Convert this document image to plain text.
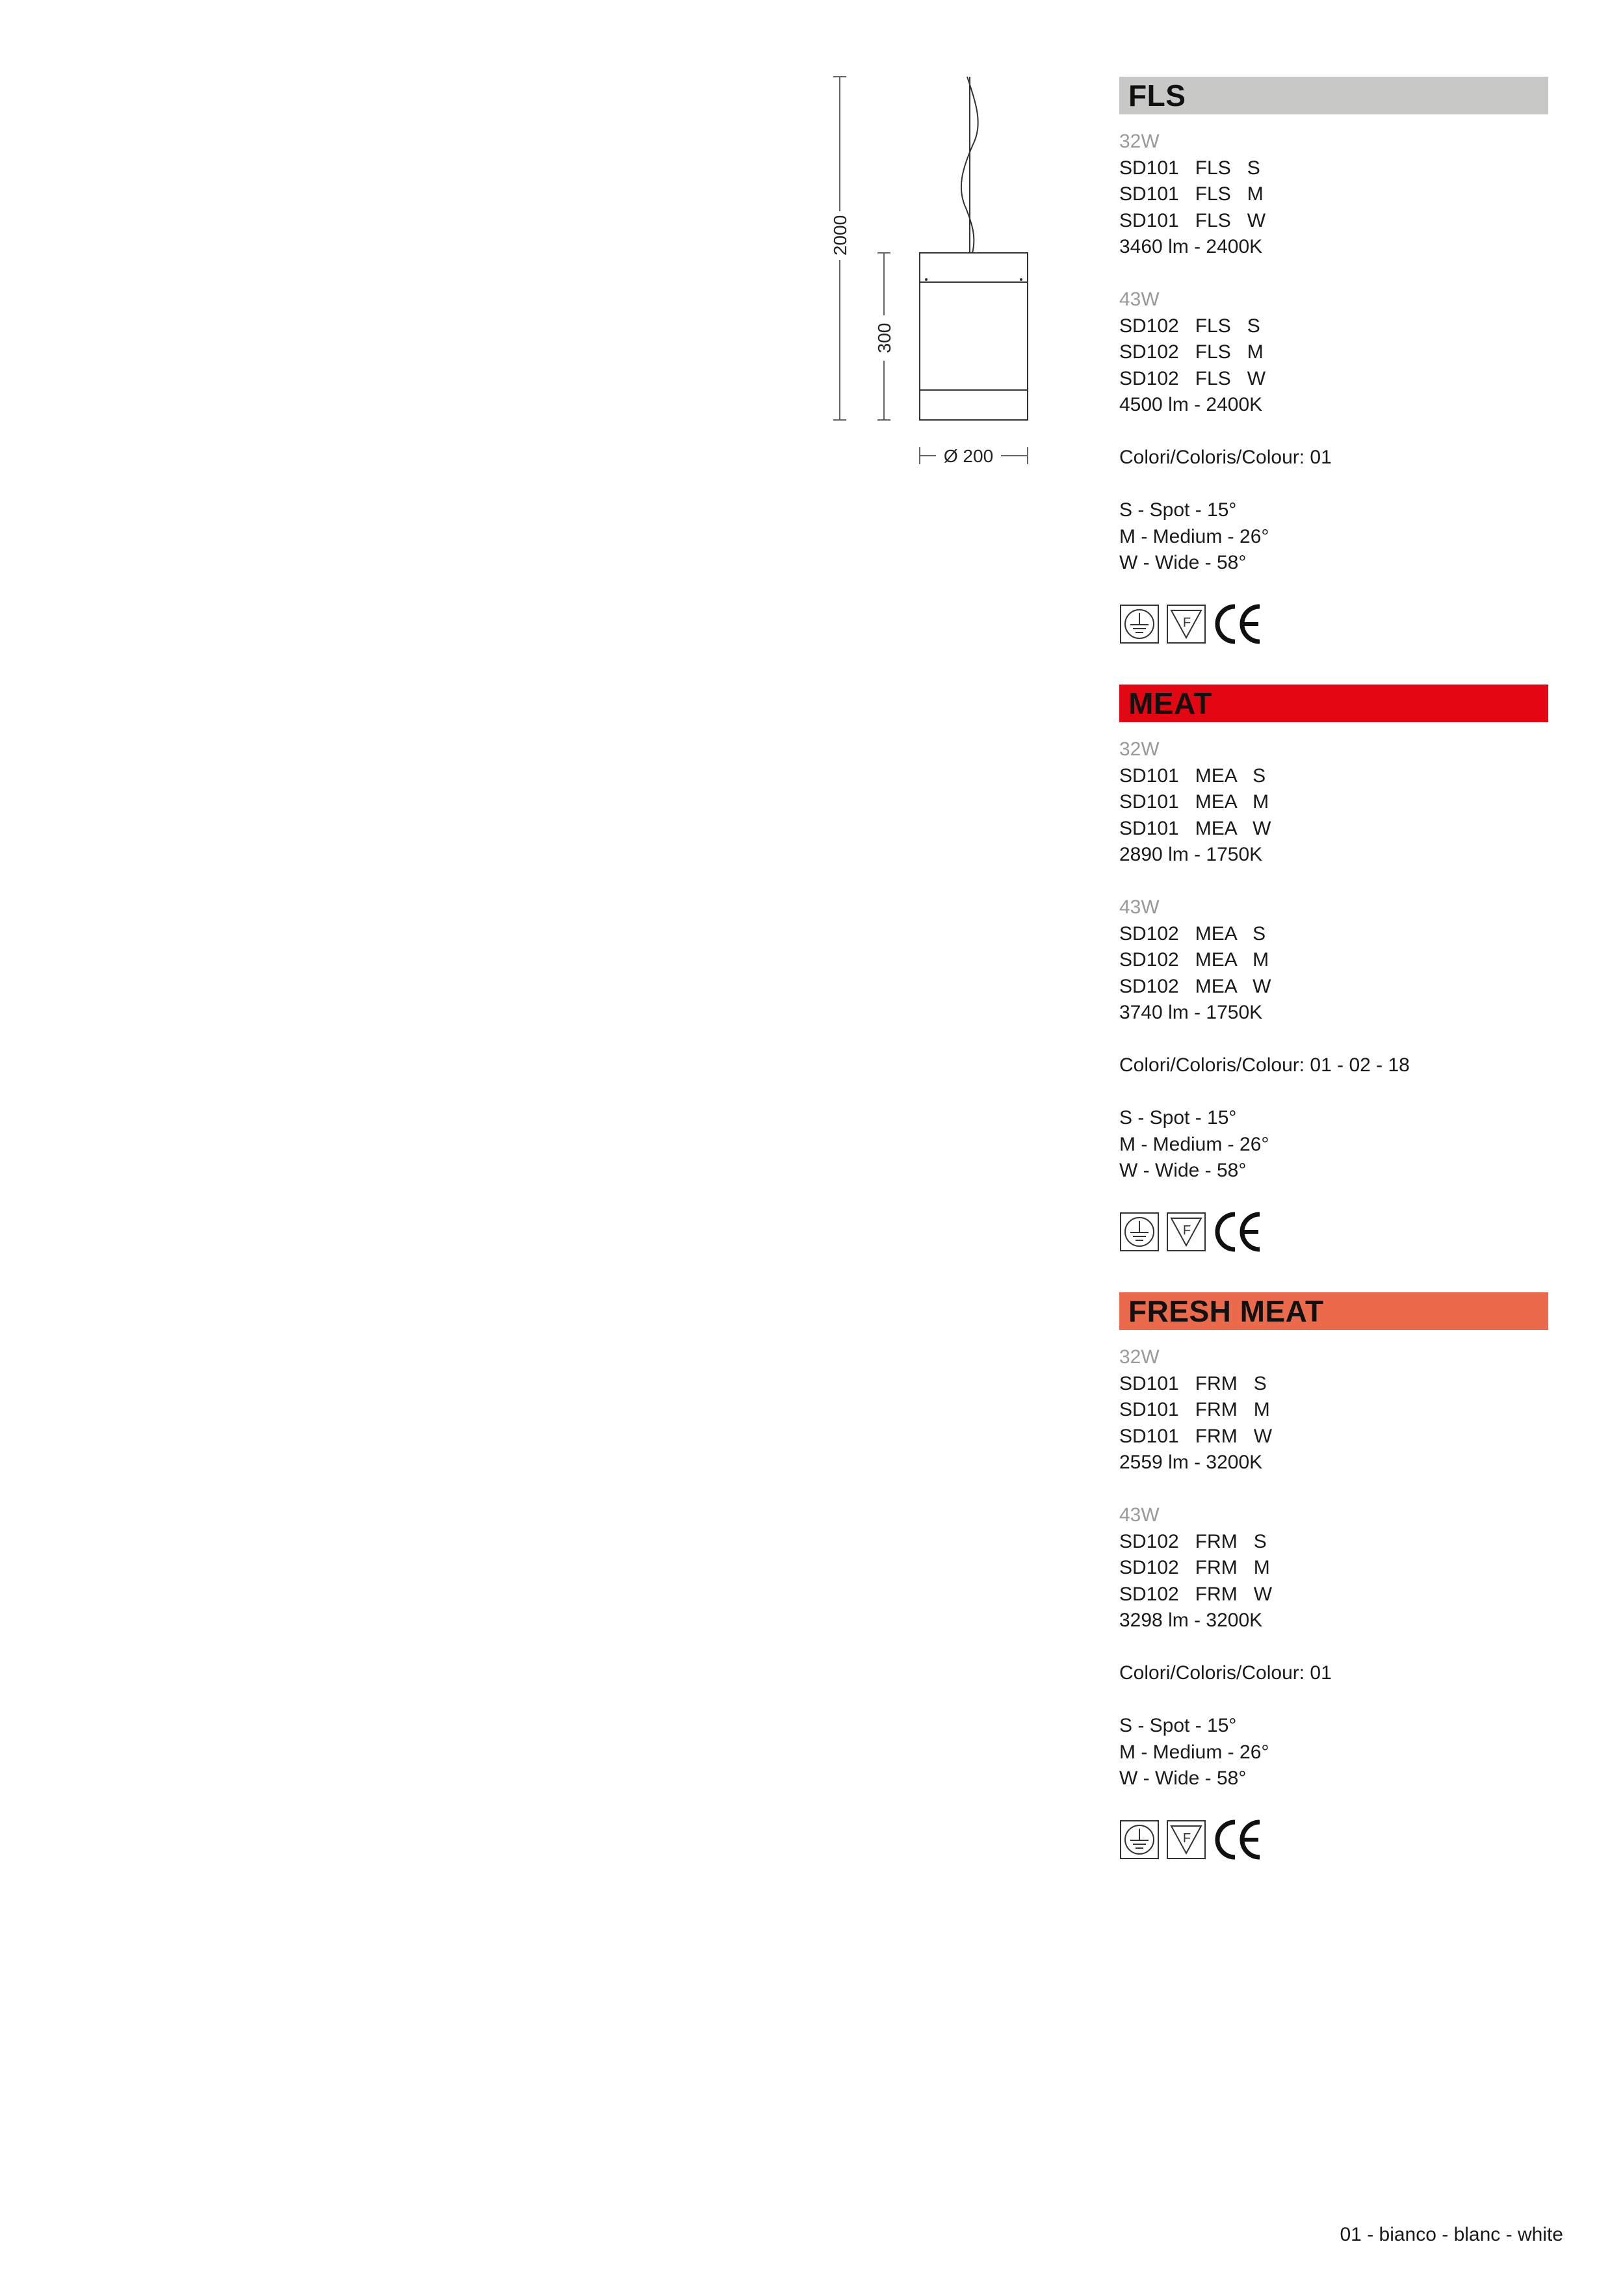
2000
300
Ø 200
FLS
32W
SD101   FLS   S
SD101   FLS   M
SD101   FLS   W
3460 lm - 2400K
43W
SD102   FLS   S
SD102   FLS   M
SD102   FLS   W
4500 lm - 2400K
Colori/Coloris/Colour: 01
S - Spot - 15°
M - Medium - 26°
W - Wide - 58°
F
MEAT
32W
SD101   MEA   S
SD101   MEA   M
SD101   MEA   W
2890 lm - 1750K
43W
SD102   MEA   S
SD102   MEA   M
SD102   MEA   W
3740 lm - 1750K
Colori/Coloris/Colour: 01 - 02 - 18
S - Spot - 15°
M - Medium - 26°
W - Wide - 58°
F
FRESH MEAT
32W
SD101   FRM   S
SD101   FRM   M
SD101   FRM   W
2559 lm - 3200K
43W
SD102   FRM   S
SD102   FRM   M
SD102   FRM   W
3298 lm - 3200K
Colori/Coloris/Colour: 01
S - Spot - 15°
M - Medium - 26°
W - Wide - 58°
F
01 - bianco - blanc - white
